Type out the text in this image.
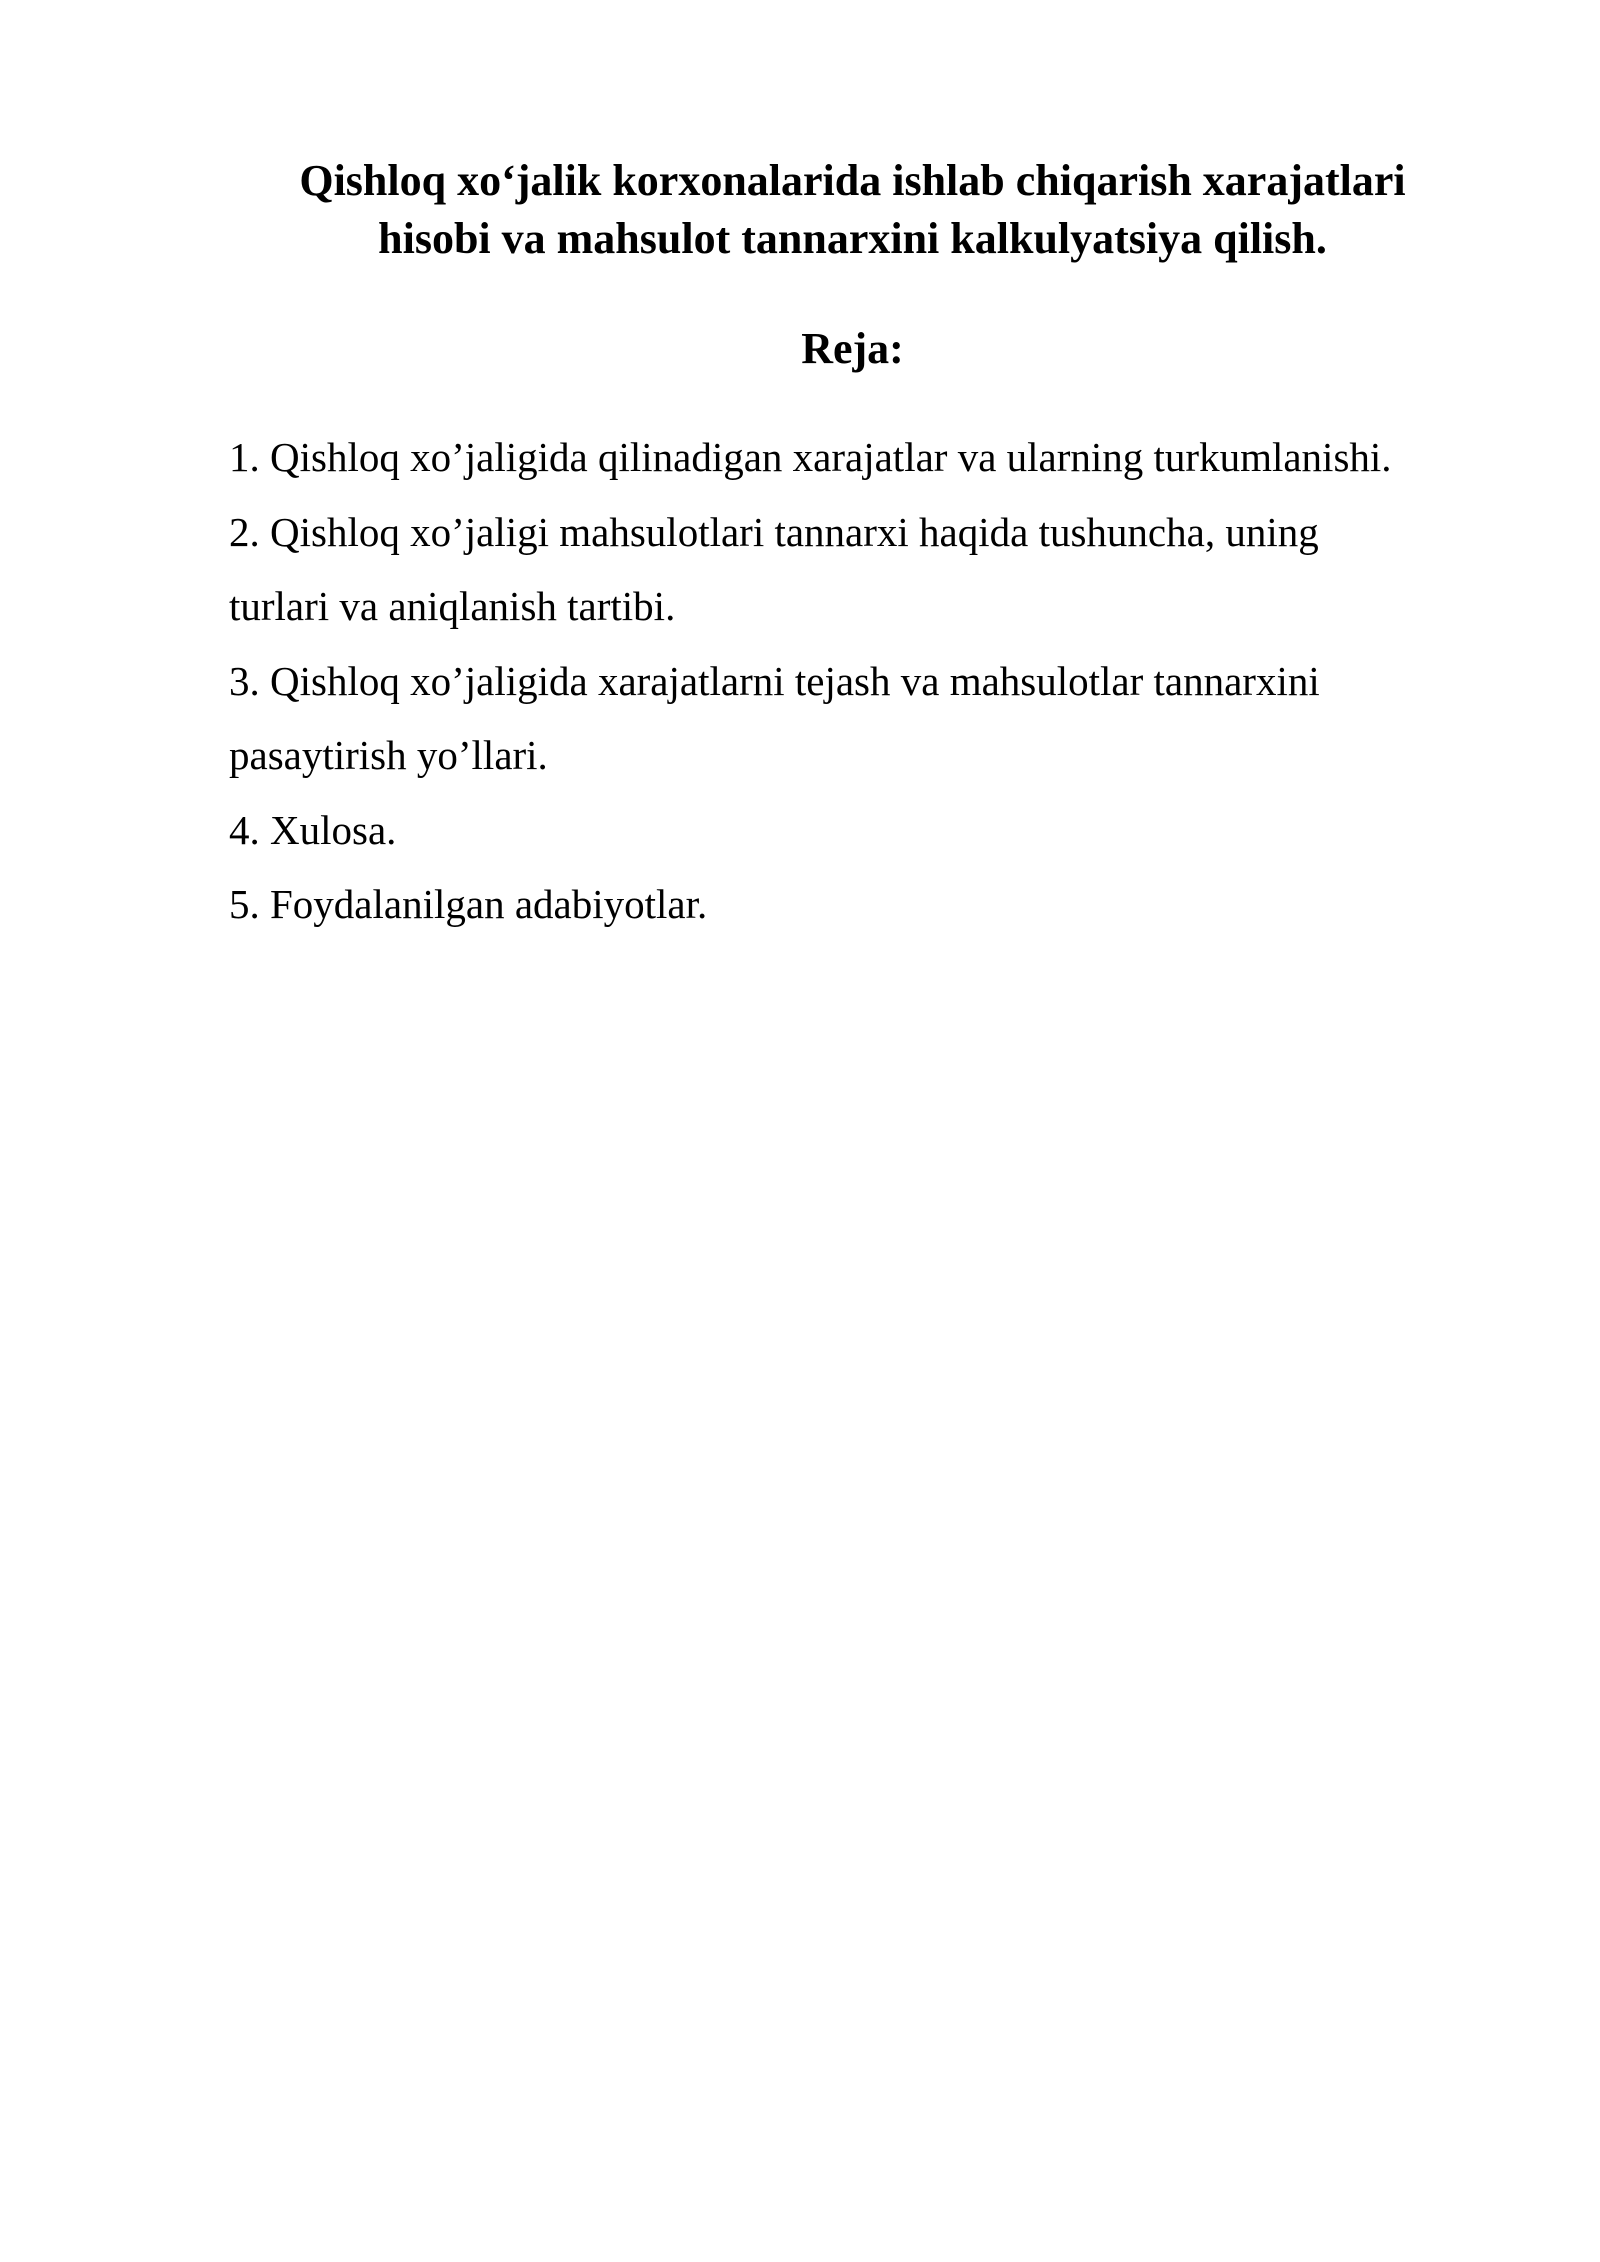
Qishloq xo‘jalik korxonalarida ishlab chiqarish xarajatlari
hisobi va mahsulot tannarxini kalkulyatsiya qilish.
Reja:
1. Qishloq xo’jaligida qilinadigan xarajatlar va ularning turkumlanishi.
2. Qishloq xo’jaligi mahsulotlari tannarxi haqida tushuncha, uning
turlari va aniqlanish tartibi.
3. Qishloq xo’jaligida xarajatlarni tejash va mahsulotlar tannarxini
pasaytirish yo’llari.
4. Xulosa.
5. Foydalanilgan adabiyotlar.
